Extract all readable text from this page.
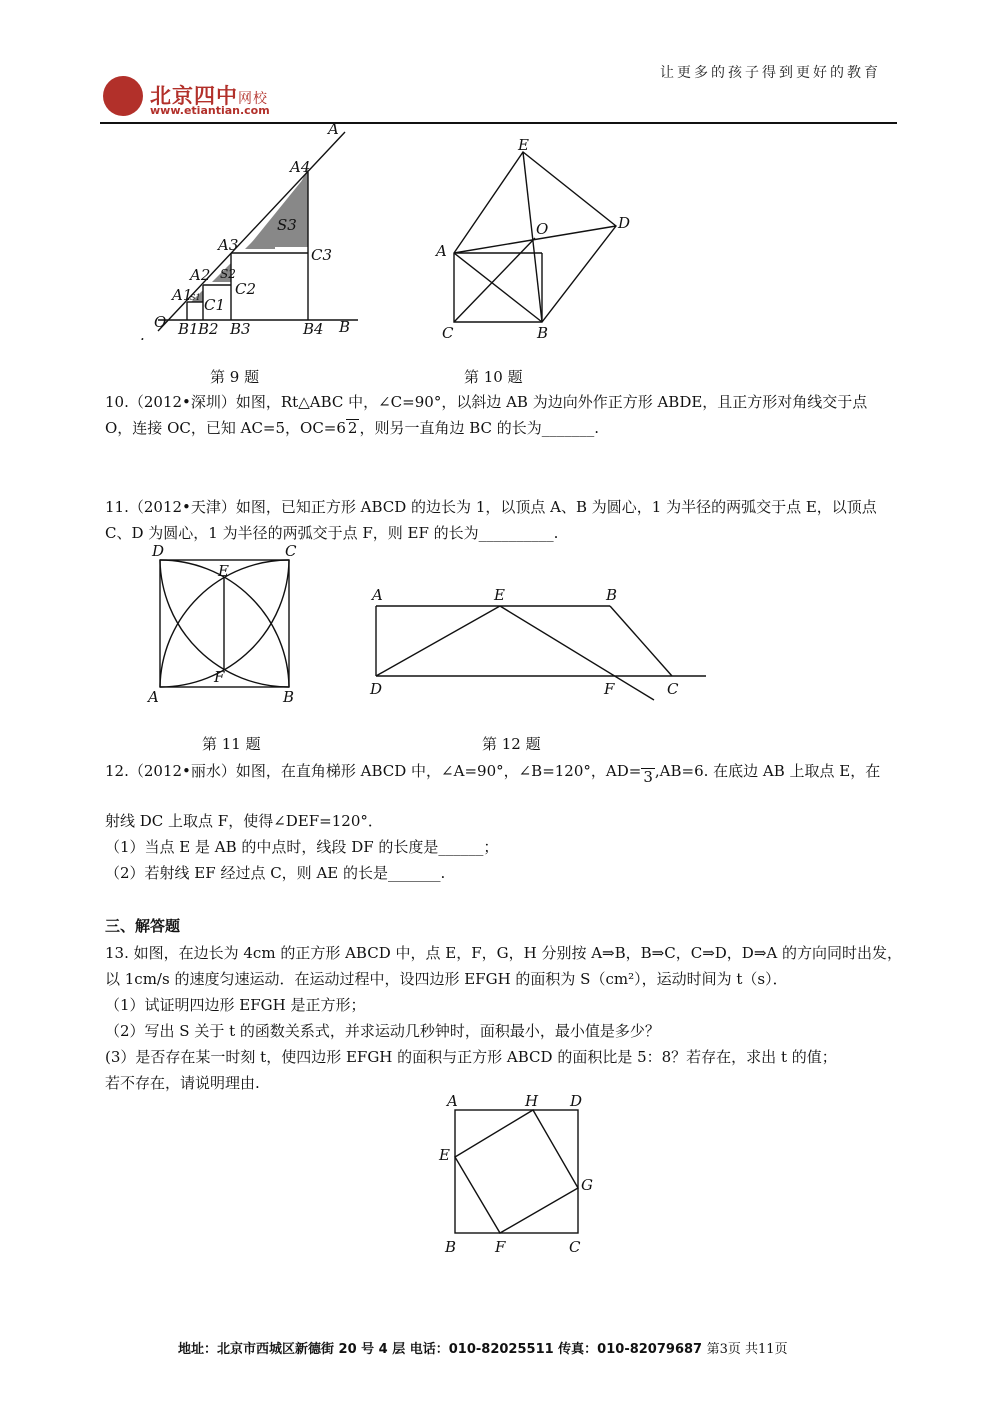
北京四中网校
www.etiantian.com
让更多的孩子得到更好的教育
A
A4
A3
A2
A1
S3
S2
S1
C3
C2
C1
O B1 B2 B3	B4 B
.
第 9 题
E
D
O
A
C	B
第 10 题
10.（2012•深圳）如图，Rt△ABC 中，∠C=90°，以斜边 AB 为边向外作正方形 ABDE，且正方形对角线交于点
O，连接 OC，已知 AC=5，OC=6 2 ，则另一直角边 BC 的长为_______.
11.（2012•天津）如图，已知正方形 ABCD 的边长为 1，以顶点 A、B 为圆心，1 为半径的两弧交于点 E，以顶点
C、D 为圆心，1 为半径的两弧交于点 F，则 EF 的长为__________.
D	C
E
F
A	B
第 11 题
A	E	B
D	F	C
第 12 题
12.（2012•丽水）如图，在直角梯形 ABCD 中，∠A=90°，∠B=120°，AD= 3 ,AB=6. 在底边 AB 上取点 E，在
射线 DC 上取点 F，使得∠DEF=120°．
（1）当点 E 是 AB 的中点时，线段 DF 的长度是______；
（2）若射线 EF 经过点 C，则 AE 的长是_______.
三、解答题
13. 如图，在边长为 4cm 的正方形 ABCD 中，点 E，F，G，H 分别按 A⇒B，B⇒C，C⇒D，D⇒A 的方向同时出发，
以 1cm/s 的速度匀速运动．在运动过程中，设四边形 EFGH 的面积为 S（cm²），运动时间为 t（s）．
（1）试证明四边形 EFGH 是正方形；
（2）写出 S 关于 t 的函数关系式，并求运动几秒钟时，面积最小，最小值是多少？
(3）是否存在某一时刻 t，使四边形 EFGH 的面积与正方形 ABCD 的面积比是 5：8？若存在，求出 t 的值；
若不存在，请说明理由.
A	H D
E
G
B	F	C
地址：北京市西城区新德街 20 号 4 层 电话：010-82025511 传真：010-82079687 第3页 共11页
